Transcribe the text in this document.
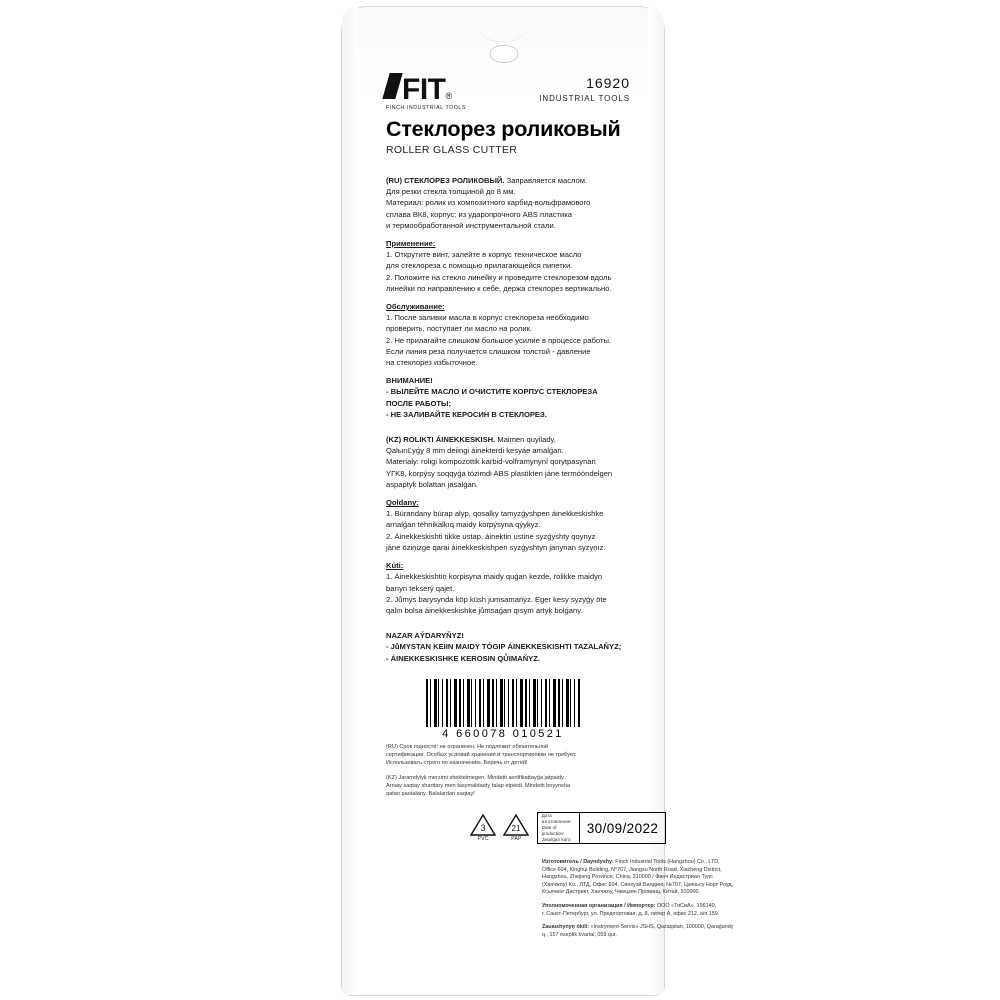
FIT ®
FINCH INDUSTRIAL TOOLS
16920
INDUSTRIAL TOOLS
Стеклорез роликовый
ROLLER GLASS CUTTER

(RU) СТЕКЛОРЕЗ РОЛИКОВЫЙ. Заправляется маслом.

Для резки стекла толщиной до 8 мм.

Материал: ролик из композитного карбид-вольфрамового

сплава ВК8, корпус: из ударопрочного ABS пластика

и термообработанной инструментальной стали.

Применение:

1. Открутите винт, залейте в корпус техническое масло

для стеклореза с помощью прилагающейся пипетки.

2. Положите на стекло линейку и проведите стеклорезом вдоль

линейки по направлению к себе, держа стеклорез вертикально.

Обслуживание:

1. После заливки масла в корпус стеклореза необходимо

проверить, поступает ли масло на ролик.

2. Не прилагайте слишком большое усилие в процессе работы.

Если линия реза получается слишком толстой - давление

на стеклорез избыточное.

ВНИМАНИЕ!

- ВЫЛЕЙТЕ МАСЛО И ОЧИСТИТЕ КОРПУС СТЕКЛОРЕЗА

ПОСЛЕ РАБОТЫ;

- НЕ ЗАЛИВАЙТЕ КЕРОСИН В СТЕКЛОРЕЗ.

(KZ) ROLIKTІ ÁINEKKESKISH. Maimen quyilady.

QаlыrıĽyǵy 8 mm deiingi áinekterdi kesyáe amalǵan.

Materialy: roligi kompozottik karbid-volframynyní qorytpasynan

YГK8, korpýsy soqqyǵa tózimdi ABS plastikten jáne termóóndelgen

aspaptyķ bolattan jasalǵan.

Qoldany:

1. Búrandany búrap alyp, qosalķy tamyzǵyshpen áinekkeskishkе

arnalǵan tehnikalķıq maidy korpýsyna qýyķyz.

2. Áinekkeskishti tikke ustap, áinektin ustine syzǵyshty qoynyz

jáne öziņizge qarai áinekkeskishpen syzǵyshtyn jаnynan syzyņız.

Kúti:

1. Áinekkeskishtiņ korpisyna maidy quǵan kezde, rolikke maidyņ

barıyn tekserý qajet.

2. Jůmys barysynda köp küsh jumsamańyz. Eger kesy syzyǵy öte

qalın bolsa áinekkeskishke jůmsаǵan qısym artyķ bolǵany.

NAZAR AÝDARYŇYZ!

- JůMYSTAN KEIІN MAIDY TÓGIP ÁINEKKESKISHTI TAZALAŇYZ;

- ÁINEKKESKISHKE KEROSIN QŮIMAŇYZ.

4 660078 010521

(RU) Срок годности: не ограничен. Не подлежит обязательной

сертификации. Особых условий хранения и транспортировки не требует.

Использовать строго по назначению. Беречь от детей!

(KZ) Jaramdylyķ merzimi shektelmegen. Mindetti sertifikattayǵa jatpaidy.

Arnaiy saqtay sharttary men tasymaldaıdy talap etpeidi. Mindetti boyynsha

qatan paıdalany. Balalardan saqtay!

3
PVC
21
PAP
Дата изготовления:
Date of production:
Jasalǵan küni:
30/09/2022

Изготовитель / Dayndyshy: Finch Industrial Tools (Hangzhou) Co., LTD,

Office 604, Kinghui Building, N°707, Jiangsu North Road, Xiacheng District,

Hangzhou, Zhejiang Province, China, 310000 / Финч Индастриал Тулс

(Ханчжоу) Ко., ЛТД, Офис 604, Синхуэй Билдинг, №707, Цзяньсу Норт Роуд,

Ксьяченг Дистрикт, Ханчжоу, Чжецзян Провинц, Китай, 310000.

Уполномоченная организация / Импортер: ООО «ТиСиА», 196140,

г. Санкт-Петербург, ул. Предпортовая, д. 8, литер А, офис 212, а/я 159.

Zauaıshynyņ ökili: «Instryment-Servis» JSHS, Qazaqstan, 100000, Qaraǵandy

q., 157 eseptіk kvartal, 059 qur.
